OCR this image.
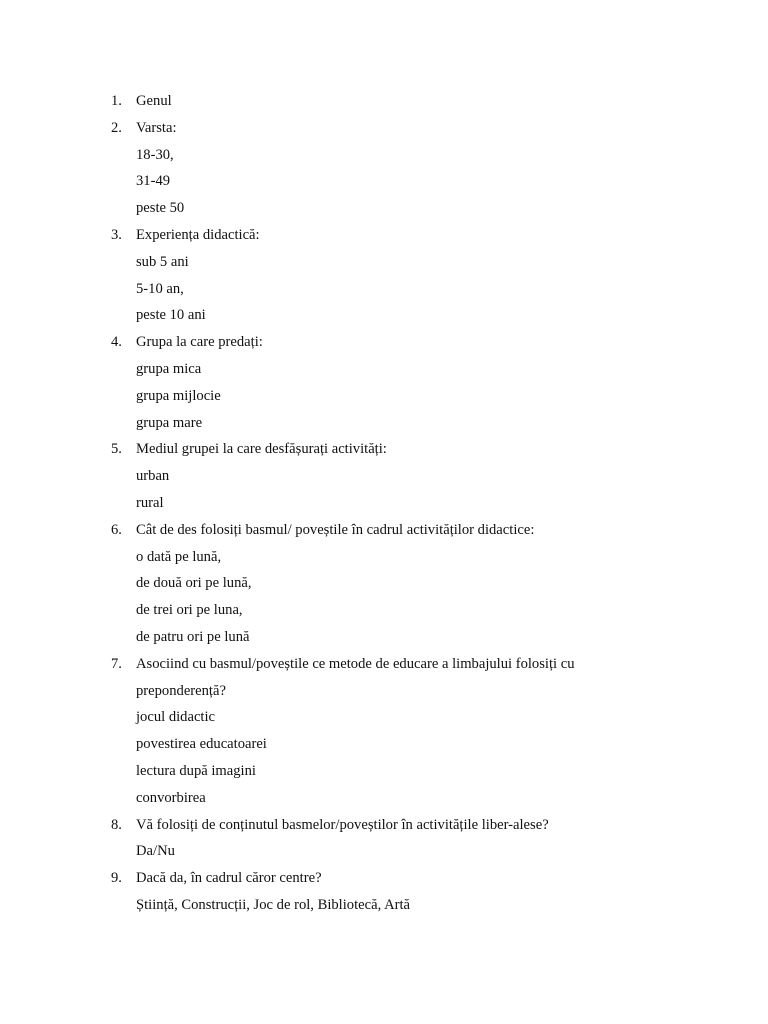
1. Genul
2. Varsta:
18-30,
31-49
peste 50
3. Experiența didactică:
sub 5 ani
5-10 an,
peste 10 ani
4. Grupa la care predați:
grupa mica
grupa mijlocie
grupa mare
5. Mediul grupei la care desfășurați activități:
urban
rural
6. Cât de des folosiți basmul/ poveștile în cadrul activităților didactice:
o dată pe lună,
de două ori pe lună,
de trei ori pe luna,
de patru ori pe lună
7. Asociind cu basmul/poveștile ce metode de educare a limbajului folosiți cu
preponderență?
jocul didactic
povestirea educatoarei
lectura după imagini
convorbirea
8. Vă folosiți de conținutul basmelor/poveștilor în activitățile liber-alese?
Da/Nu
9. Dacă da, în cadrul căror centre?
Știință, Construcții, Joc de rol, Bibliotecă, Artă
